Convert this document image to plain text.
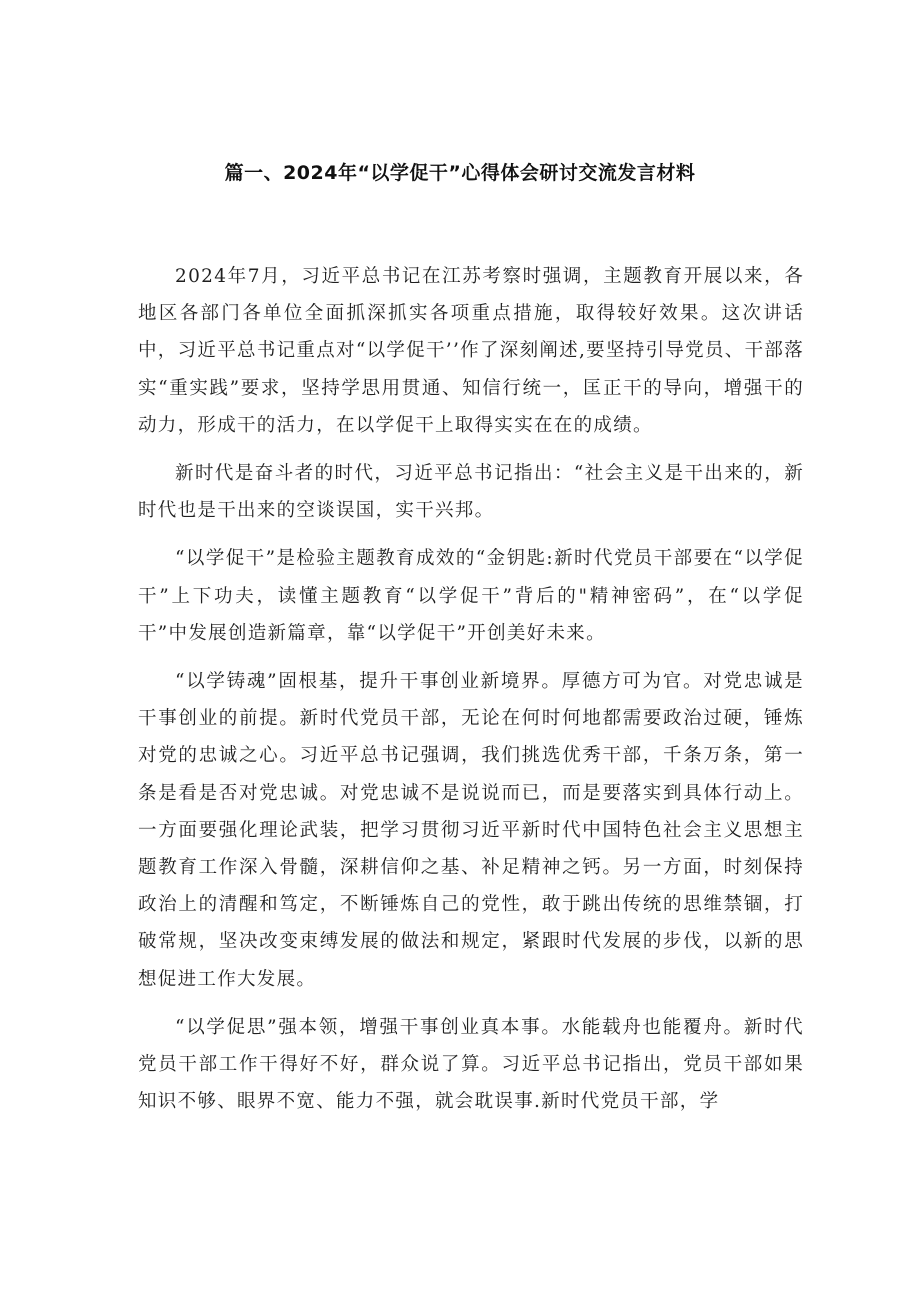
篇一、2024年“以学促干”心得体会研讨交流发言材料

2024年7月，习近平总书记在江苏考察时强调，主题教育开展以来，各地区各部门各单位全面抓深抓实各项重点措施，取得较好效果。这次讲话中，习近平总书记重点对“以学促干’’作了深刻阐述,要坚持引导党员、干部落实“重实践”要求，坚持学思用贯通、知信行统一，匡正干的导向，增强干的动力，形成干的活力，在以学促干上取得实实在在的成绩。

新时代是奋斗者的时代，习近平总书记指出：“社会主义是干出来的，新时代也是干出来的空谈误国，实干兴邦。

“以学促干”是检验主题教育成效的“金钥匙:新时代党员干部要在“以学促干”上下功夫，读懂主题教育“以学促干”背后的"精神密码”，在“以学促干”中发展创造新篇章，靠“以学促干”开创美好未来。

“以学铸魂”固根基，提升干事创业新境界。厚德方可为官。对党忠诚是干事创业的前提。新时代党员干部，无论在何时何地都需要政治过硬，锤炼对党的忠诚之心。习近平总书记强调，我们挑选优秀干部，千条万条，第一条是看是否对党忠诚。对党忠诚不是说说而已，而是要落实到具体行动上。一方面要强化理论武装，把学习贯彻习近平新时代中国特色社会主义思想主题教育工作深入骨髓，深耕信仰之基、补足精神之钙。另一方面，时刻保持政治上的清醒和笃定，不断锤炼自己的党性，敢于跳出传统的思维禁锢，打破常规，坚决改变束缚发展的做法和规定，紧跟时代发展的步伐，以新的思想促进工作大发展。

“以学促思”强本领，增强干事创业真本事。水能载舟也能覆舟。新时代党员干部工作干得好不好，群众说了算。习近平总书记指出，党员干部如果知识不够、眼界不宽、能力不强，就会耽误事.新时代党员干部，学
